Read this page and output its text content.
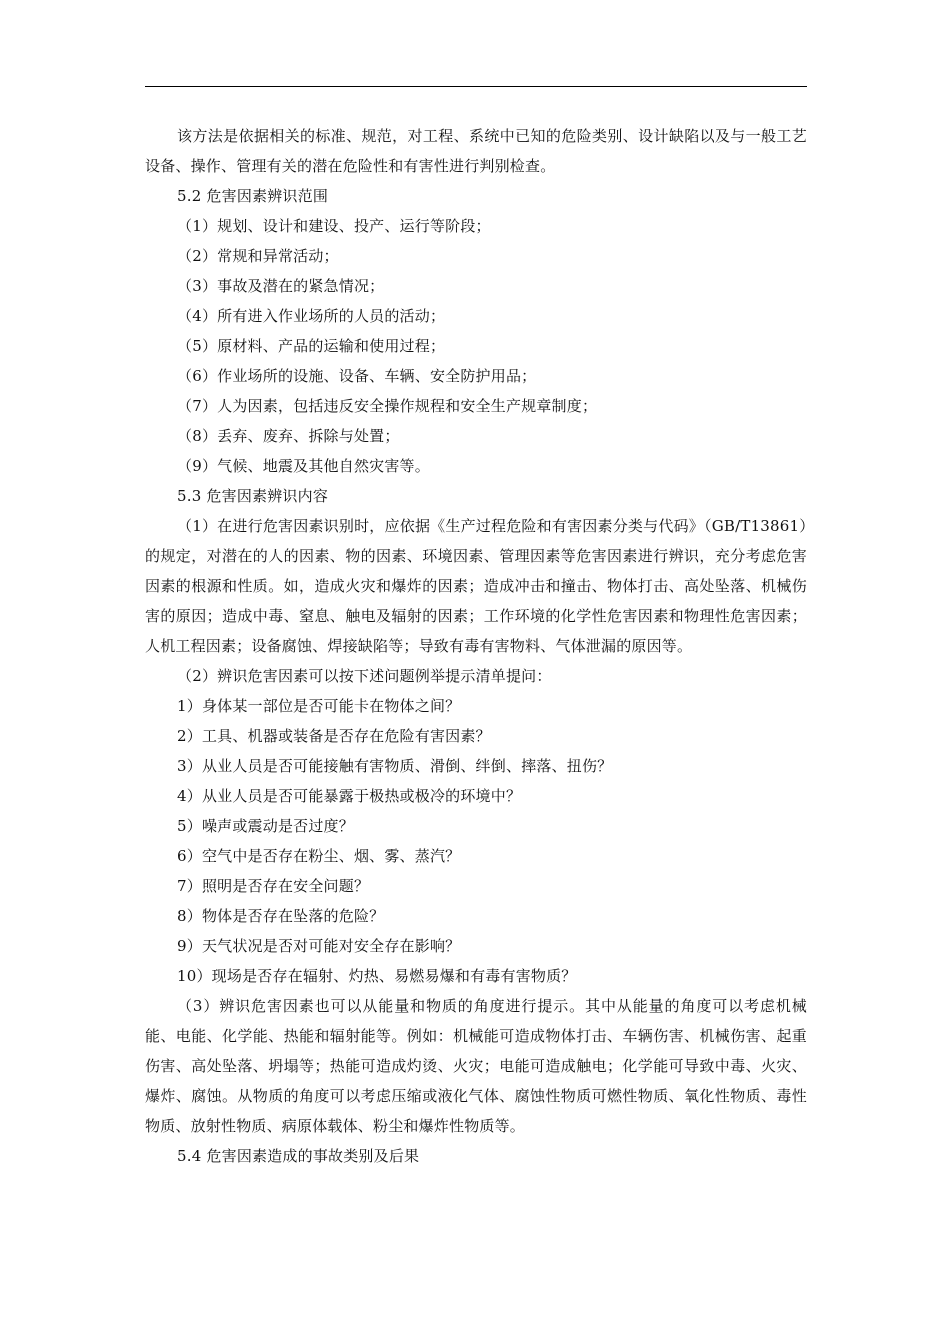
该方法是依据相关的标准、规范，对工程、系统中已知的危险类别、设计缺陷以及与一般工艺设备、操作、管理有关的潜在危险性和有害性进行判别检查。

5.2 危害因素辨识范围

（1）规划、设计和建设、投产、运行等阶段；

（2）常规和异常活动；

（3）事故及潜在的紧急情况；

（4）所有进入作业场所的人员的活动；

（5）原材料、产品的运输和使用过程；

（6）作业场所的设施、设备、车辆、安全防护用品；

（7）人为因素，包括违反安全操作规程和安全生产规章制度；

（8）丢弃、废弃、拆除与处置；

（9）气候、地震及其他自然灾害等。

5.3 危害因素辨识内容

（1）在进行危害因素识别时，应依据《生产过程危险和有害因素分类与代码》（GB/T13861）的规定，对潜在的人的因素、物的因素、环境因素、管理因素等危害因素进行辨识，充分考虑危害因素的根源和性质。如，造成火灾和爆炸的因素；造成冲击和撞击、物体打击、高处坠落、机械伤害的原因；造成中毒、窒息、触电及辐射的因素；工作环境的化学性危害因素和物理性危害因素；人机工程因素；设备腐蚀、焊接缺陷等；导致有毒有害物料、气体泄漏的原因等。

（2）辨识危害因素可以按下述问题例举提示清单提问：

1）身体某一部位是否可能卡在物体之间？

2）工具、机器或装备是否存在危险有害因素？

3）从业人员是否可能接触有害物质、滑倒、绊倒、摔落、扭伤？

4）从业人员是否可能暴露于极热或极冷的环境中？

5）噪声或震动是否过度？

6）空气中是否存在粉尘、烟、雾、蒸汽？

7）照明是否存在安全问题？

8）物体是否存在坠落的危险？

9）天气状况是否对可能对安全存在影响？

10）现场是否存在辐射、灼热、易燃易爆和有毒有害物质？

（3）辨识危害因素也可以从能量和物质的角度进行提示。其中从能量的角度可以考虑机械能、电能、化学能、热能和辐射能等。例如：机械能可造成物体打击、车辆伤害、机械伤害、起重伤害、高处坠落、坍塌等；热能可造成灼烫、火灾；电能可造成触电；化学能可导致中毒、火灾、爆炸、腐蚀。从物质的角度可以考虑压缩或液化气体、腐蚀性物质可燃性物质、氧化性物质、毒性物质、放射性物质、病原体载体、粉尘和爆炸性物质等。

5.4 危害因素造成的事故类别及后果
